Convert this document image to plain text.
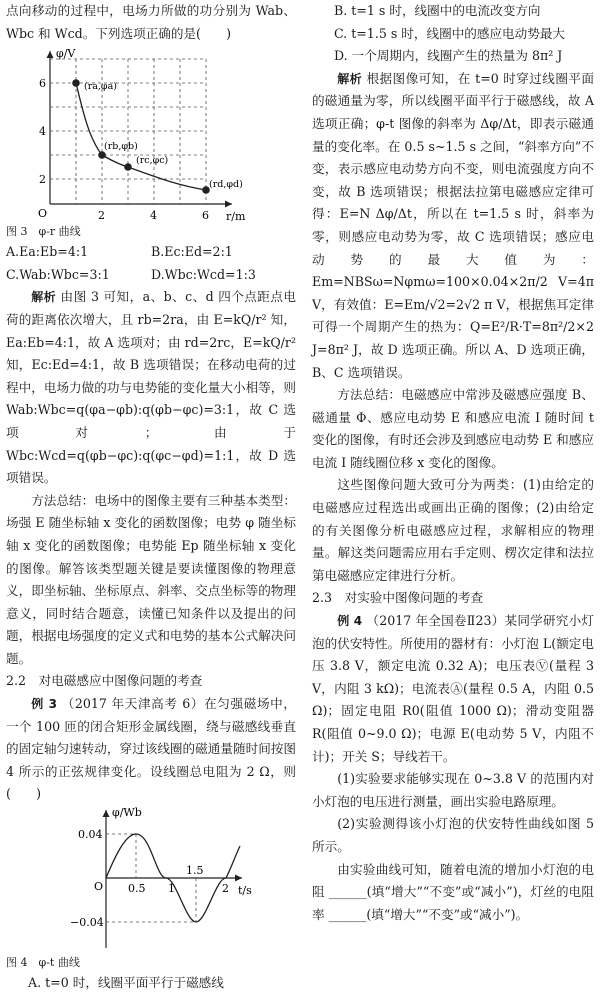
点向移动的过程中，电场力所做的功分别为 Wab、Wbc 和 Wcd。下列选项正确的是(　　)

φ/V
r/m
6
4
2
O	2	4	6
(ra,φa)
(rb,φb)
(rc,φc)
(rd,φd)

图 3　φ-r 曲线

A.Ea:Eb=4:1	B.Ec:Ed=2:1
C.Wab:Wbc=3:1	D.Wbc:Wcd=1:3

解析 由图 3 可知，a、b、c、d 四个点距点电荷的距离依次增大，且 rb=2ra，由 E=kQ/r² 知，Ea:Eb=4:1，故 A 选项对；由 rd=2rc，E=kQ/r² 知，Ec:Ed=4:1，故 B 选项错误；在移动电荷的过程中，电场力做的功与电势能的变化量大小相等，则 Wab:Wbc=q(φa−φb):q(φb−φc)=3:1，故 C 选项对；由于 Wbc:Wcd=q(φb−φc):q(φc−φd)=1:1，故 D 选项错误。

方法总结：电场中的图像主要有三种基本类型：场强 E 随坐标轴 x 变化的函数图像；电势 φ 随坐标轴 x 变化的函数图像；电势能 Ep 随坐标轴 x 变化的图像。解答该类型题关键是要读懂图像的物理意义，即坐标轴、坐标原点、斜率、交点坐标等的物理意义，同时结合题意，读懂已知条件以及提出的问题，根据电场强度的定义式和电势的基本公式解决问题。

2.2　对电磁感应中图像问题的考查

例 3 （2017 年天津高考 6）在匀强磁场中，一个 100 匝的闭合矩形金属线圈，绕与磁感线垂直的固定轴匀速转动，穿过该线圈的磁通量随时间按图 4 所示的正弦规律变化。设线圈总电阻为 2 Ω，则(　　)

φ/Wb
t/s
0.04
−0.04
O 0.5 1
1.5
2

图 4　φ-t 曲线

A. t=0 时，线圈平面平行于磁感线

B. t=1 s 时，线圈中的电流改变方向

C. t=1.5 s 时，线圈中的感应电动势最大

D. 一个周期内，线圈产生的热量为 8π² J

解析 根据图像可知，在 t=0 时穿过线圈平面的磁通量为零，所以线圈平面平行于磁感线，故 A 选项正确；φ-t 图像的斜率为 Δφ/Δt，即表示磁通量的变化率。在 0.5 s~1.5 s 之间，“斜率方向”不变，表示感应电动势方向不变，则电流强度方向不变，故 B 选项错误；根据法拉第电磁感应定律可得：E=N Δφ/Δt，所以在 t=1.5 s 时，斜率为零，则感应电动势为零，故 C 选项错误；感应电动势的最大值为：Em=NBSω=Nφmω=100×0.04×2π/2 V=4π V，有效值：E=Em/√2=2√2 π V，根据焦耳定律可得一个周期产生的热为：Q=E²/R·T=8π²/2×2 J=8π² J，故 D 选项正确。所以 A、D 选项正确，B、C 选项错误。

方法总结：电磁感应中常涉及磁感应强度 B、磁通量 Φ、感应电动势 E 和感应电流 I 随时间 t 变化的图像，有时还会涉及到感应电动势 E 和感应电流 I 随线圈位移 x 变化的图像。

这些图像问题大致可分为两类：(1)由给定的电磁感应过程选出或画出正确的图像；(2)由给定的有关图像分析电磁感应过程，求解相应的物理量。解这类问题需应用右手定则、楞次定律和法拉第电磁感应定律进行分析。

2.3　对实验中图像问题的考查

例 4 （2017 年全国卷Ⅱ23）某同学研究小灯泡的伏安特性。所使用的器材有：小灯泡 L(额定电压 3.8 V，额定电流 0.32 A)；电压表Ⓥ(量程 3 V，内阻 3 kΩ)；电流表Ⓐ(量程 0.5 A，内阻 0.5 Ω)；固定电阻 R0(阻值 1000 Ω)；滑动变阻器 R(阻值 0~9.0 Ω)；电源 E(电动势 5 V，内阻不计)；开关 S；导线若干。

(1)实验要求能够实现在 0~3.8 V 的范围内对小灯泡的电压进行测量，画出实验电路原理。

(2)实验测得该小灯泡的伏安特性曲线如图 5 所示。

由实验曲线可知，随着电流的增加小灯泡的电阻 ______(填“增大”“不变”或“减小”)，灯丝的电阻率 ______(填“增大”“不变”或“减小”)。
